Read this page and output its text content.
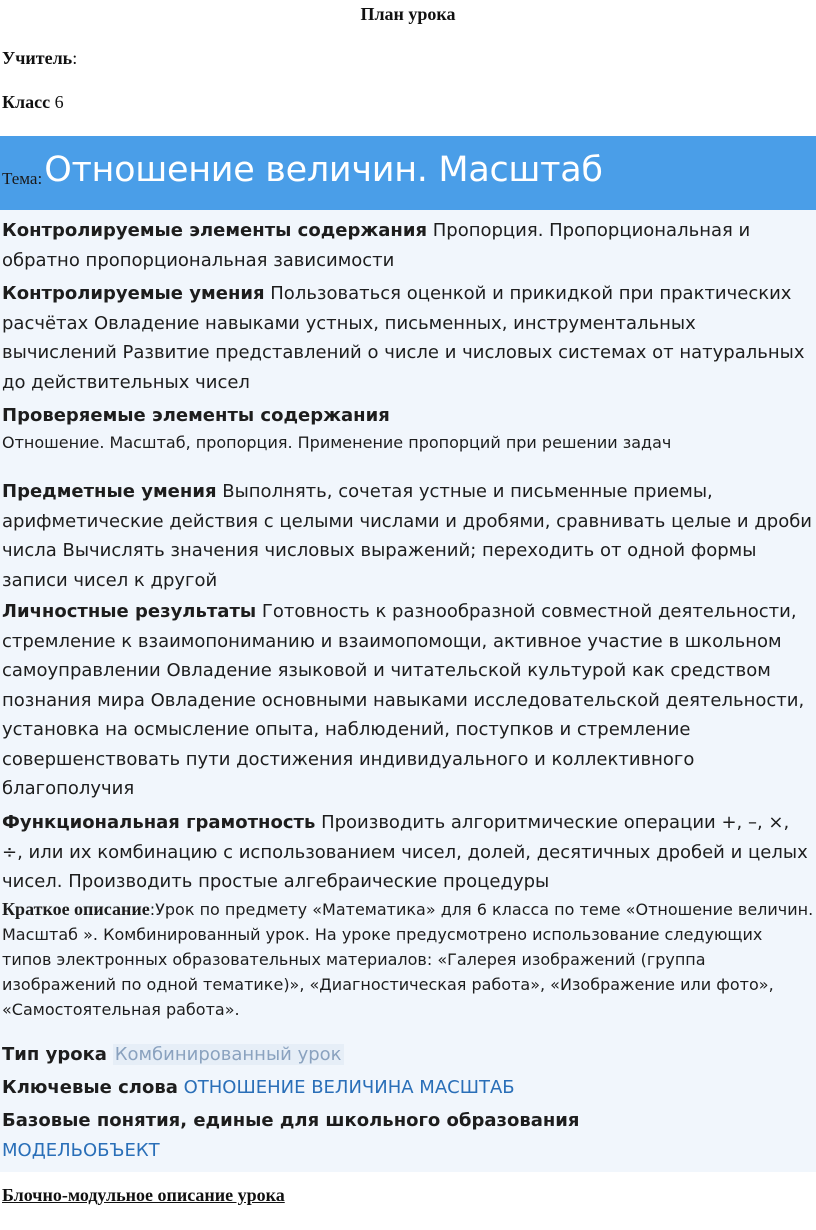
План урока
Учитель:
Класс 6
Тема: Отношение величин. Масштаб
Контролируемые элементы содержания Пропорция. Пропорциональная и обратно пропорциональная зависимости
Контролируемые умения Пользоваться оценкой и прикидкой при практических расчётах Овладение навыками устных, письменных, инструментальных вычислений Развитие представлений о числе и числовых системах от натуральных до действительных чисел
Проверяемые элементы содержания
Отношение. Масштаб, пропорция. Применение пропорций при решении задач
Предметные умения Выполнять, сочетая устные и письменные приемы, арифметические действия с целыми числами и дробями, сравнивать целые и дроби числа Вычислять значения числовых выражений; переходить от одной формы записи чисел к другой
Личностные результаты Готовность к разнообразной совместной деятельности, стремление к взаимопониманию и взаимопомощи, активное участие в школьном самоуправлении Овладение языковой и читательской культурой как средством познания мира Овладение основными навыками исследовательской деятельности, установка на осмысление опыта, наблюдений, поступков и стремление совершенствовать пути достижения индивидуального и коллективного благополучия
Функциональная грамотность Производить алгоритмические операции +, –, ×, ÷, или их комбинацию с использованием чисел, долей, десятичных дробей и целых чисел. Производить простые алгебраические процедуры
Краткое описание:Урок по предмету «Математика» для 6 класса по теме «Отношение величин. Масштаб ». Комбинированный урок. На уроке предусмотрено использование следующих типов электронных образовательных материалов: «Галерея изображений (группа изображений по одной тематике)», «Диагностическая работа», «Изображение или фото», «Самостоятельная работа».
Тип урока Комбинированный урок
Ключевые слова ОТНОШЕНИЕ ВЕЛИЧИНА МАСШТАБ
Базовые понятия, единые для школьного образования
МОДЕЛЬОБЪЕКТ
Блочно-модульное описание урока
